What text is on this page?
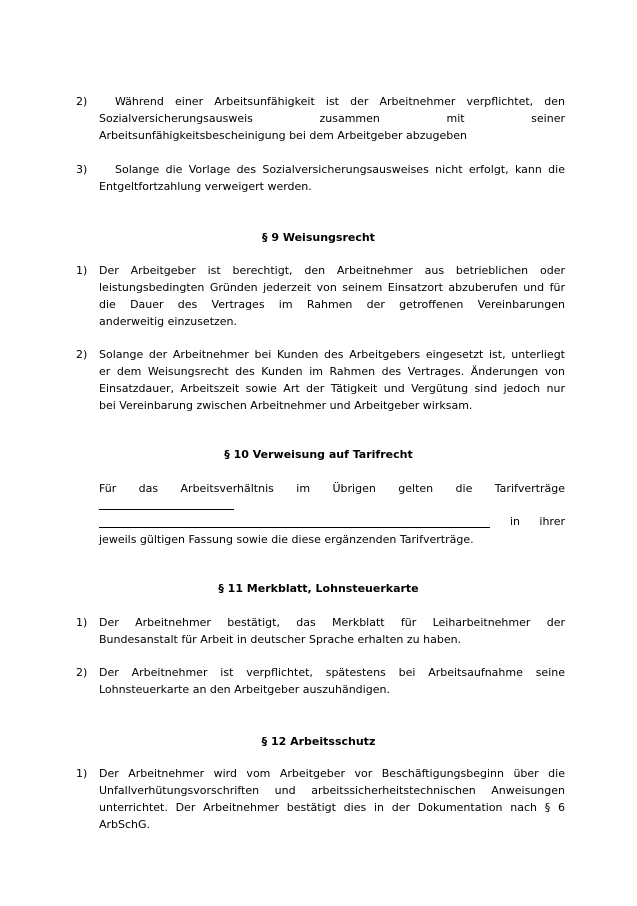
2)	Während einer Arbeitsunfähigkeit ist der Arbeitnehmer verpflichtet, den
Sozialversicherungsausweis zusammen mit seiner
Arbeitsunfähigkeitsbescheinigung bei dem Arbeitgeber abzugeben
3)	Solange die Vorlage des Sozialversicherungsausweises nicht erfolgt, kann die
Entgeltfortzahlung verweigert werden.
§ 9 Weisungsrecht
1)	Der Arbeitgeber ist berechtigt, den Arbeitnehmer aus betrieblichen oder
leistungsbedingten Gründen jederzeit von seinem Einsatzort abzuberufen und für
die Dauer des Vertrages im Rahmen der getroffenen Vereinbarungen
anderweitig einzusetzen.
2)	Solange der Arbeitnehmer bei Kunden des Arbeitgebers eingesetzt ist, unterliegt
er dem Weisungsrecht des Kunden im Rahmen des Vertrages. Änderungen von
Einsatzdauer, Arbeitszeit sowie Art der Tätigkeit und Vergütung sind jedoch nur
bei Vereinbarung zwischen Arbeitnehmer und Arbeitgeber wirksam.
§ 10 Verweisung auf Tarifrecht
Für das Arbeitsverhältnis im Übrigen gelten die Tarifverträge
in ihrer
jeweils gültigen Fassung sowie die diese ergänzenden Tarifverträge.
§ 11 Merkblatt, Lohnsteuerkarte
1)	Der Arbeitnehmer bestätigt, das Merkblatt für Leiharbeitnehmer der
Bundesanstalt für Arbeit in deutscher Sprache erhalten zu haben.
2)	Der Arbeitnehmer ist verpflichtet, spätestens bei Arbeitsaufnahme seine
Lohnsteuerkarte an den Arbeitgeber auszuhändigen.
§ 12 Arbeitsschutz
1)	Der Arbeitnehmer wird vom Arbeitgeber vor Beschäftigungsbeginn über die
Unfallverhütungsvorschriften und arbeitssicherheitstechnischen Anweisungen
unterrichtet. Der Arbeitnehmer bestätigt dies in der Dokumentation nach § 6
ArbSchG.
